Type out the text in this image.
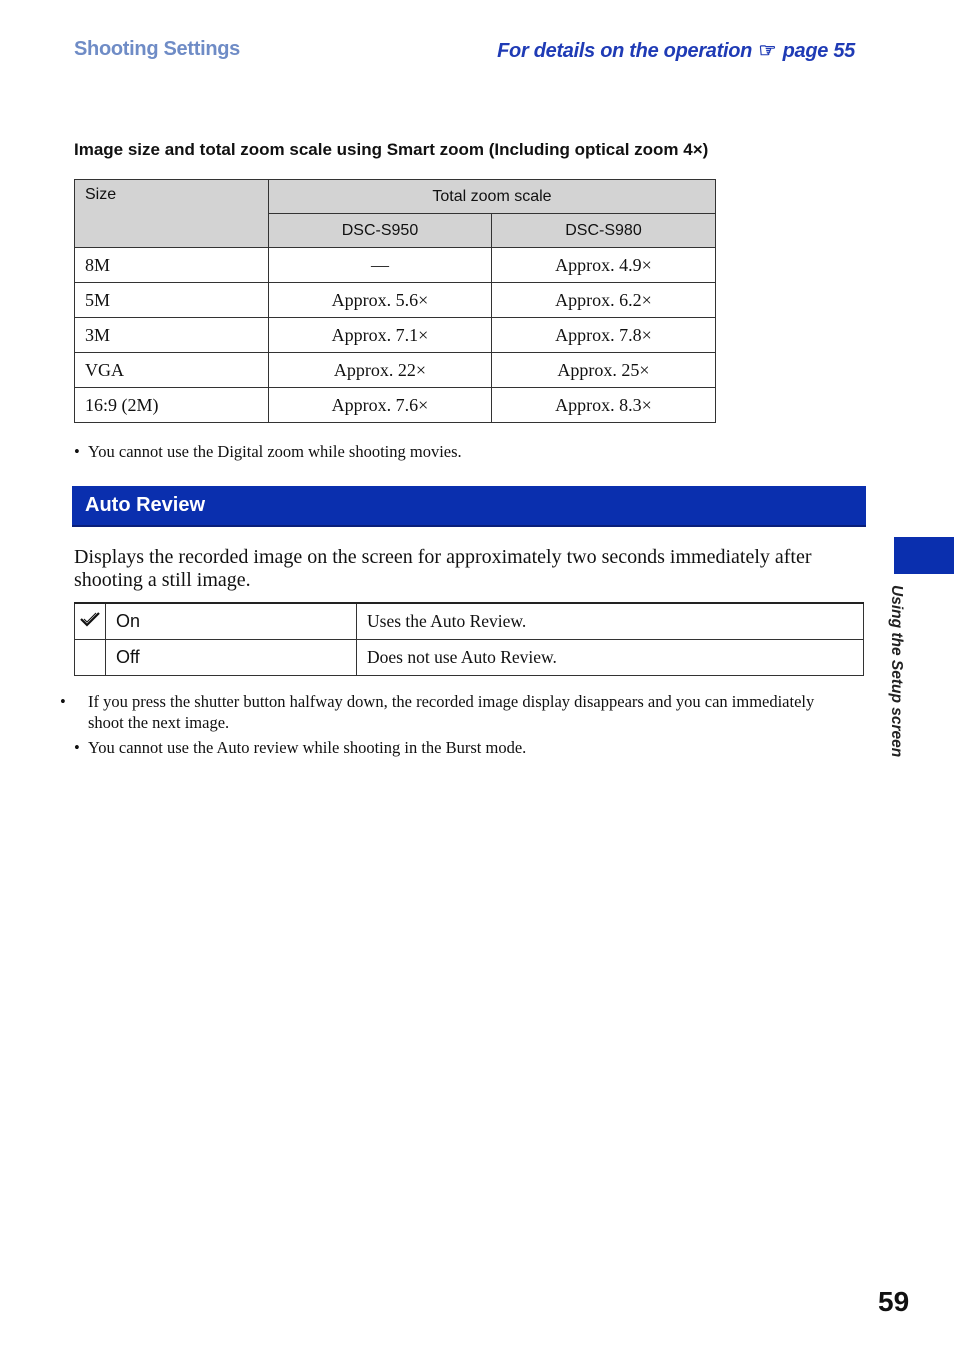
Shooting Settings	For details on the operation ☞ page 55
Image size and total zoom scale using Smart zoom (Including optical zoom 4×)
Size	Total zoom scale	
	DSC-S950	DSC-S980
8M	—	Approx. 4.9×
5M	Approx. 5.6×	Approx. 6.2×
3M	Approx. 7.1×	Approx. 7.8×
VGA	Approx. 22×	Approx. 25×
16:9 (2M)	Approx. 7.6×	Approx. 8.3×
• You cannot use the Digital zoom while shooting movies.
Auto Review
Displays the recorded image on the screen for approximately two seconds immediately after shooting a still image.
	On	Uses the Auto Review.
	Off	Does not use Auto Review.
• If you press the shutter button halfway down, the recorded image display disappears and you can immediately shoot the next image.
• You cannot use the Auto review while shooting in the Burst mode.	Using the Setup screen
59
